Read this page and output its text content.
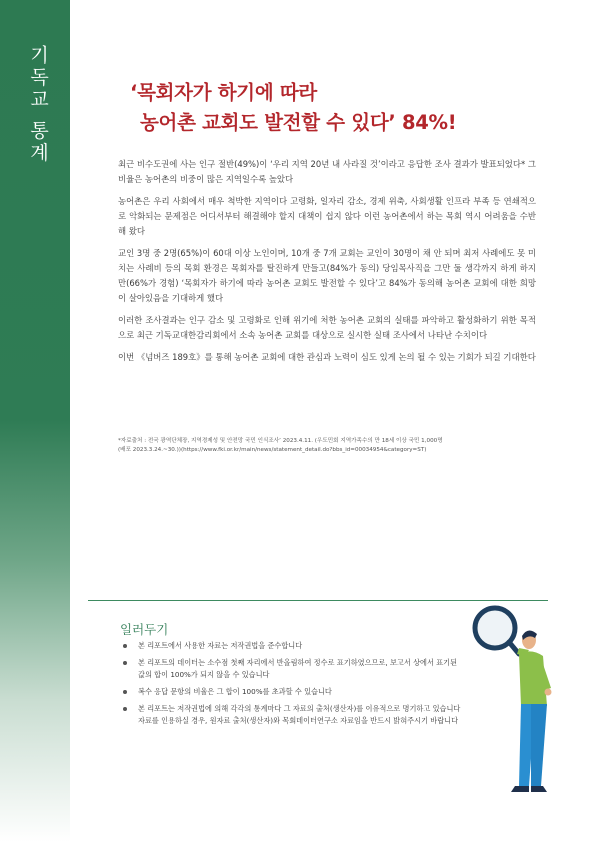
기독교 통계	‘목회자가 하기에 따라
농어촌 교회도 발전할 수 있다’ 84%!

최근 비수도권에 사는 인구 절반(49%)이 ‘우리 지역 20년 내 사라질 것’이라고 응답한 조사 결과가 발표되었다* 그 비율은 농어촌의 비중이 많은 지역일수록 높았다

농어촌은 우리 사회에서 매우 척박한 지역이다 고령화, 일자리 감소, 경제 위축, 사회생활 인프라 부족 등 연쇄적으로 악화되는 문제점은 어디서부터 해결해야 할지 대책이 쉽지 않다 이런 농어촌에서 하는 목회 역시 어려움을 수반해 왔다

교인 3명 중 2명(65%)이 60대 이상 노인이며, 10개 중 7개 교회는 교인이 30명이 채 안 되며 최저 사례에도 못 미치는 사례비 등의 목회 환경은 목회자를 탈진하게 만들고(84%가 동의) 당임목사직을 그만 둘 생각까지 하게 하지만(66%가 경험) ‘목회자가 하기에 따라 농어촌 교회도 발전할 수 있다’고 84%가 동의해 농어촌 교회에 대한 희망이 살아있음을 기대하게 했다

이러한 조사결과는 인구 감소 및 고령화로 인해 위기에 처한 농어촌 교회의 실태를 파악하고 활성화하기 위한 목적으로 최근 기독교대한감리회에서 소속 농어촌 교회를 대상으로 실시한 실태 조사에서 나타난 수치이다

이번 《넘버즈 189호》를 통해 농어촌 교회에 대한 관심과 노력이 심도 있게 논의 될 수 있는 기회가 되길 기대한다

*자료출처 : 전국 광역단체장, 지역경제성 및 안전망 국민 인식조사’ 2023.4.11. (우도민회 지역가족수의 만 18세 이상 국민 1,000명
(배포 2023.3.24.~30.))(https://www.fki.or.kr/main/news/statement_detail.do?bbs_id=00034954&category=ST)
일러두기
본 리포트에서 사용한 자료는 저작권법을 준수합니다
본 리포트의 데이터는 소수점 첫째 자리에서 반올림하여 정수로 표기하였으므로, 보고서 상에서 표기된 값의 합이 100%가 되지 않을 수 있습니다
복수 응답 문항의 비율은 그 합이 100%를 초과할 수 있습니다
본 리포트는 저작권법에 의해 각각의 통계마다 그 자료의 출처(생산자)를 이유적으로 명기하고 있습니다 자료를 인용하실 경우, 원자료 출처(생산자)와 목회데이터연구소 자료임을 반드시 밝혀주시기 바랍니다
